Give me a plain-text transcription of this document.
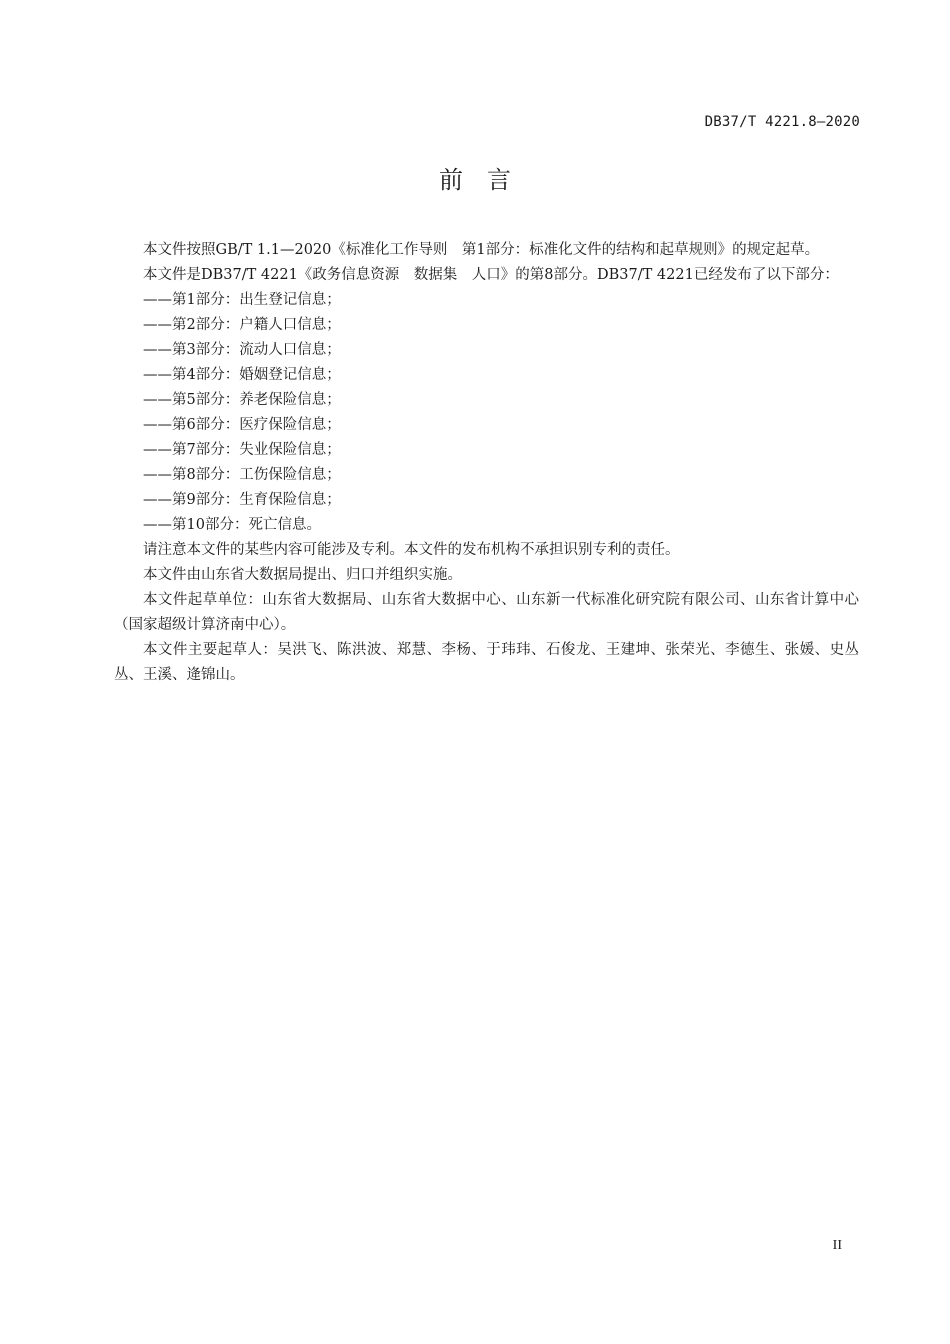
DB37/T 4221.8—2020
前言

本文件按照GB/T 1.1—2020《标准化工作导则　第1部分：标准化文件的结构和起草规则》的规定起草。

本文件是DB37/T 4221《政务信息资源　数据集　人口》的第8部分。DB37/T 4221已经发布了以下部分：

——第1部分：出生登记信息；

——第2部分：户籍人口信息；

——第3部分：流动人口信息；

——第4部分：婚姻登记信息；

——第5部分：养老保险信息；

——第6部分：医疗保险信息；

——第7部分：失业保险信息；

——第8部分：工伤保险信息；

——第9部分：生育保险信息；

——第10部分：死亡信息。

请注意本文件的某些内容可能涉及专利。本文件的发布机构不承担识别专利的责任。

本文件由山东省大数据局提出、归口并组织实施。

本文件起草单位：山东省大数据局、山东省大数据中心、山东新一代标准化研究院有限公司、山东省计算中心（国家超级计算济南中心）。

本文件主要起草人：吴洪飞、陈洪波、郑慧、李杨、于玮玮、石俊龙、王建坤、张荣光、李德生、张媛、史丛丛、王溪、逄锦山。

II
